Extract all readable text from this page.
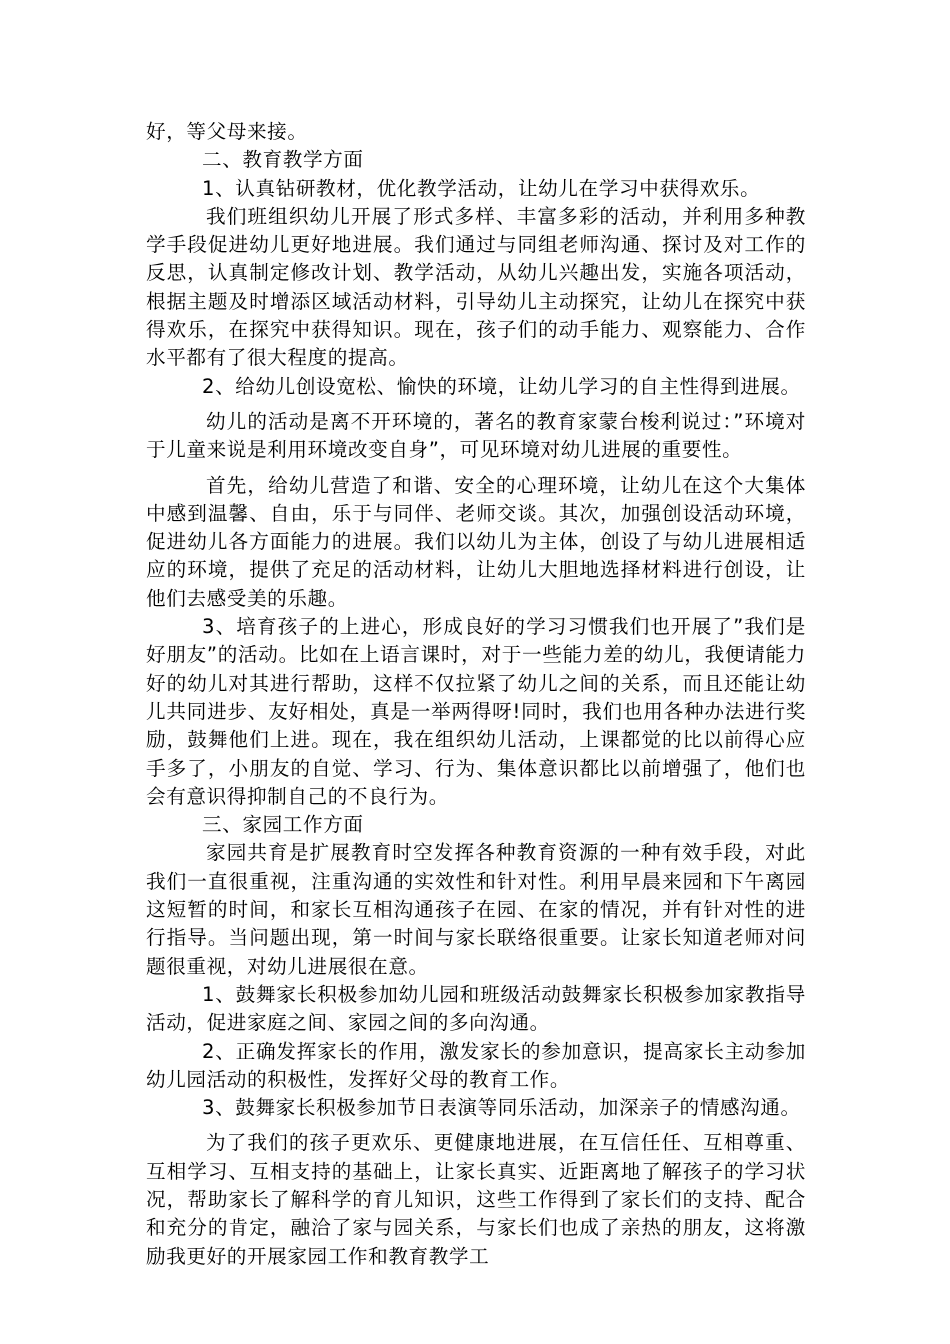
好，等父母来接。

二、教育教学方面

1、认真钻研教材，优化教学活动，让幼儿在学习中获得欢乐。

我们班组织幼儿开展了形式多样、丰富多彩的活动，并利用多种教学手段促进幼儿更好地进展。我们通过与同组老师沟通、探讨及对工作的反思，认真制定修改计划、教学活动，从幼儿兴趣出发，实施各项活动，根据主题及时增添区域活动材料，引导幼儿主动探究，让幼儿在探究中获得欢乐，在探究中获得知识。现在，孩子们的动手能力、观察能力、合作水平都有了很大程度的提高。

2、给幼儿创设宽松、愉快的环境，让幼儿学习的自主性得到进展。

幼儿的活动是离不开环境的，著名的教育家蒙台梭利说过：”环境对于儿童来说是利用环境改变自身”，可见环境对幼儿进展的重要性。

首先，给幼儿营造了和谐、安全的心理环境，让幼儿在这个大集体中感到温馨、自由，乐于与同伴、老师交谈。其次，加强创设活动环境，促进幼儿各方面能力的进展。我们以幼儿为主体，创设了与幼儿进展相适应的环境，提供了充足的活动材料，让幼儿大胆地选择材料进行创设，让他们去感受美的乐趣。

3、培育孩子的上进心，形成良好的学习习惯我们也开展了”我们是好朋友”的活动。比如在上语言课时，对于一些能力差的幼儿，我便请能力好的幼儿对其进行帮助，这样不仅拉紧了幼儿之间的关系，而且还能让幼儿共同进步、友好相处，真是一举两得呀!同时，我们也用各种办法进行奖励，鼓舞他们上进。现在，我在组织幼儿活动，上课都觉的比以前得心应手多了，小朋友的自觉、学习、行为、集体意识都比以前增强了，他们也会有意识得抑制自己的不良行为。

三、家园工作方面

家园共育是扩展教育时空发挥各种教育资源的一种有效手段，对此我们一直很重视，注重沟通的实效性和针对性。利用早晨来园和下午离园这短暂的时间，和家长互相沟通孩子在园、在家的情况，并有针对性的进行指导。当问题出现，第一时间与家长联络很重要。让家长知道老师对问题很重视，对幼儿进展很在意。

1、鼓舞家长积极参加幼儿园和班级活动鼓舞家长积极参加家教指导活动，促进家庭之间、家园之间的多向沟通。

2、正确发挥家长的作用，激发家长的参加意识，提高家长主动参加幼儿园活动的积极性，发挥好父母的教育工作。

3、鼓舞家长积极参加节日表演等同乐活动，加深亲子的情感沟通。

为了我们的孩子更欢乐、更健康地进展，在互信任任、互相尊重、互相学习、互相支持的基础上，让家长真实、近距离地了解孩子的学习状况，帮助家长了解科学的育儿知识，这些工作得到了家长们的支持、配合和充分的肯定，融洽了家与园关系，与家长们也成了亲热的朋友，这将激励我更好的开展家园工作和教育教学工
